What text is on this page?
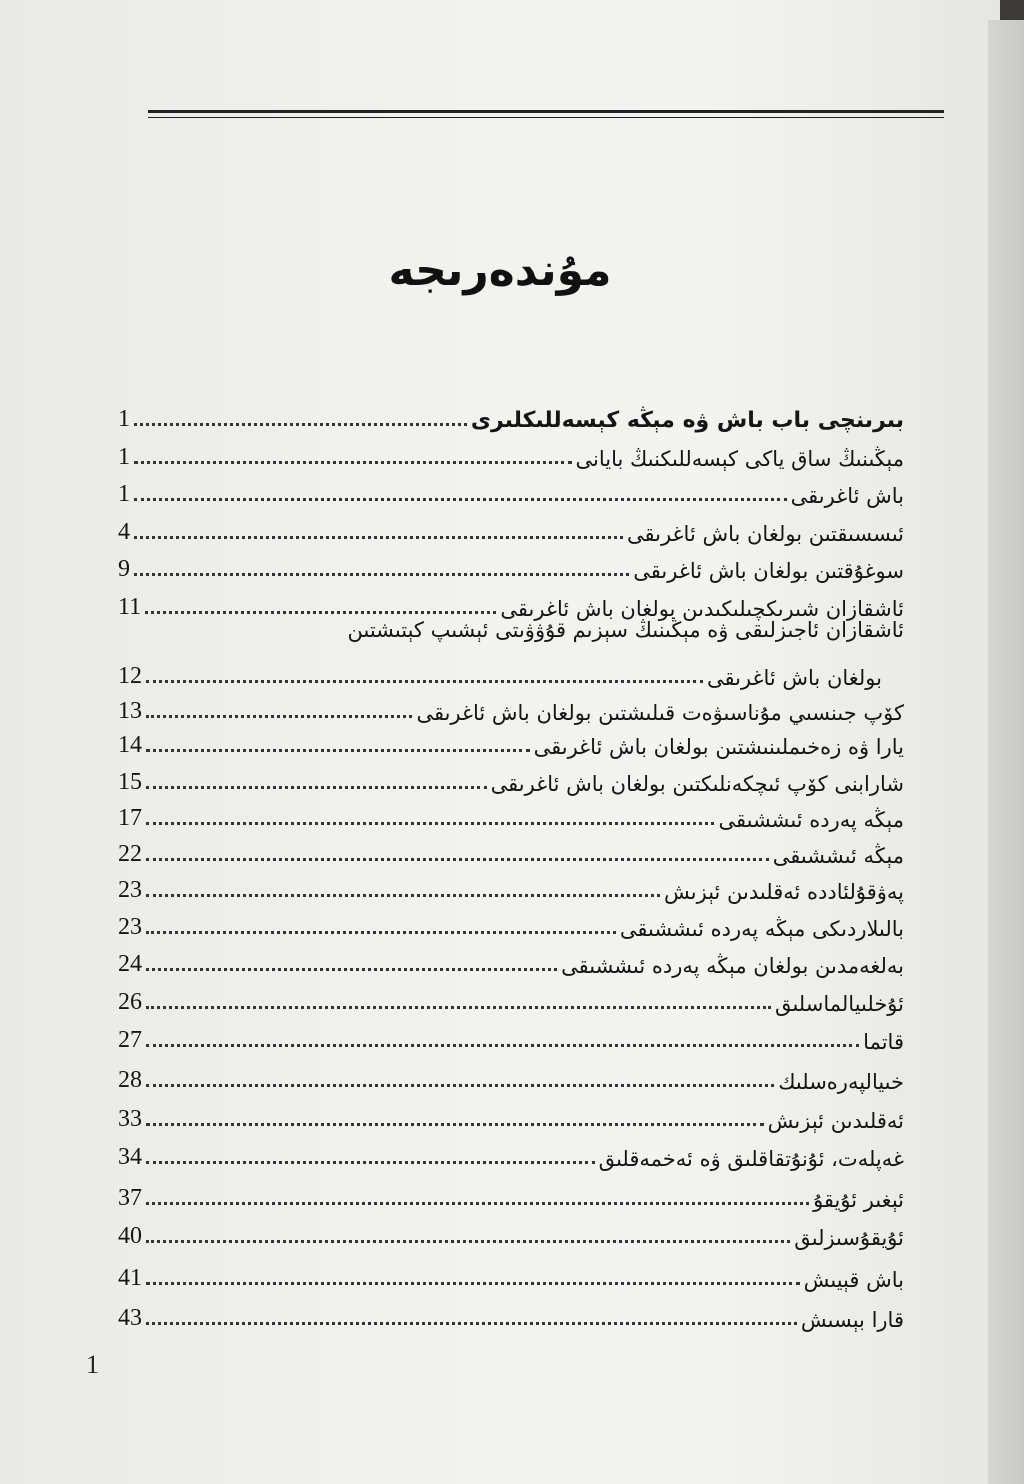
مۇندەرىجە
بىرىنچى باب باش ۋە مېڭە كېسەللىكلىرى
1
مېڭىنىڭ ساق ياكى كېسەللىكنىڭ بايانى
1
باش ئاغرىقى
1
ئىسسىقتىن بولغان باش ئاغرىقى
4
سوغۇقتىن بولغان باش ئاغرىقى
9
ئاشقازان شىرىكچىلىكىدىن بولغان باش ئاغرىقى
11
ئاشقازان ئاجىزلىقى ۋە مېڭىنىڭ سېزىم قۇۋۋىتى ئېشىپ كېتىشتىن
بولغان باش ئاغرىقى
12
كۆپ جىنسىي مۇناسىۋەت قىلىشتىن بولغان باش ئاغرىقى
13
يارا ۋە زەخىملىنىشتىن بولغان باش ئاغرىقى
14
شارابنى كۆپ ئىچكەنلىكتىن بولغان باش ئاغرىقى
15
مېڭە پەردە ئىششىقى
17
مېڭە ئىششىقى
22
پەۋقۇلئاددە ئەقلىدىن ئېزىش
23
بالىلاردىكى مېڭە پەردە ئىششىقى
23
بەلغەمدىن بولغان مېڭە پەردە ئىششىقى
24
ئۇخلىيالماسلىق
26
قاتما
27
خىيالپەرەسلىك
28
ئەقلىدىن ئېزىش
33
غەپلەت، ئۇنۇتقاقلىق ۋە ئەخمەقلىق
34
ئېغىر ئۇيقۇ
37
ئۇيقۇسىزلىق
40
باش قېيىش
41
قارا بېسىش
43
1
